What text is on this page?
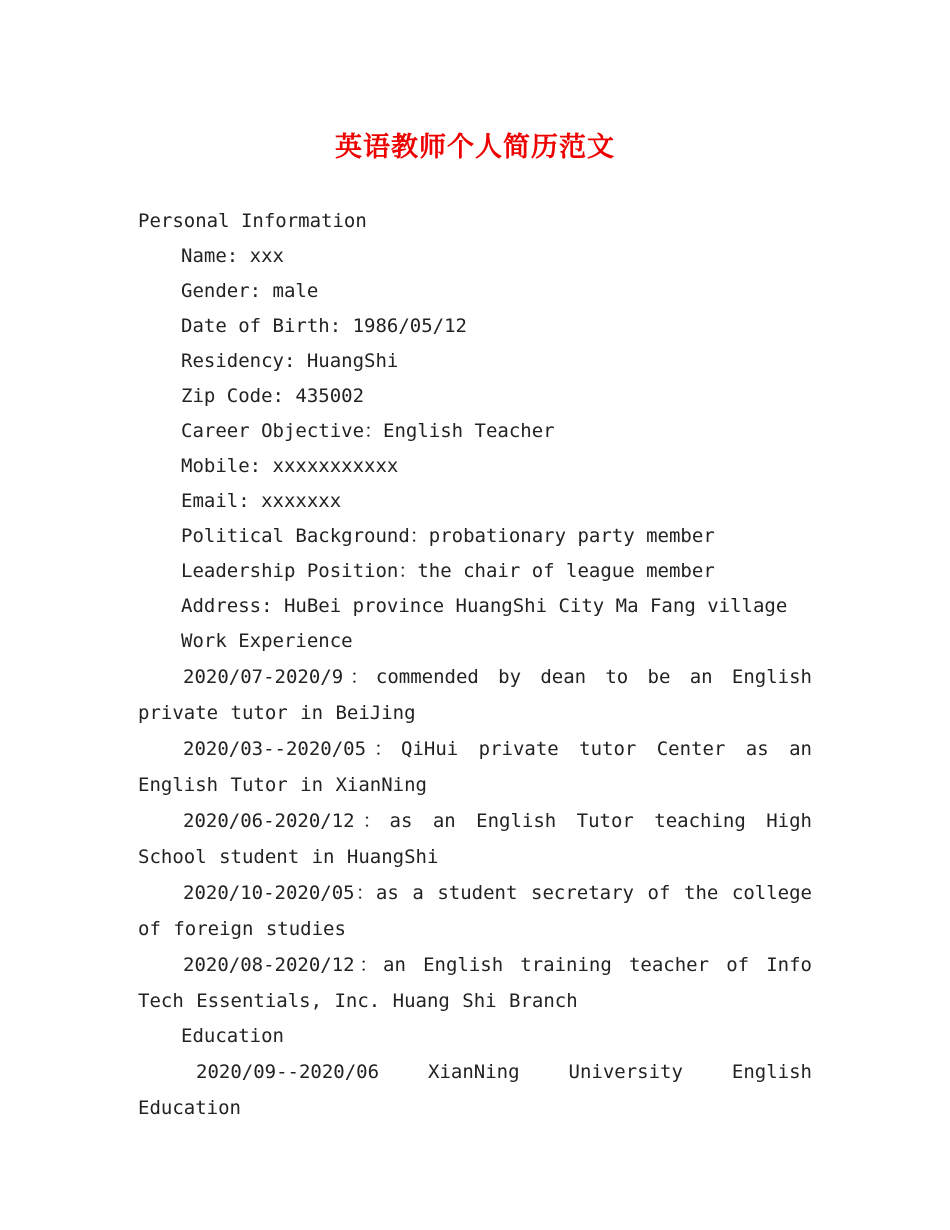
英语教师个人简历范文
Personal Information
Name: xxx
Gender: male
Date of Birth: 1986/05/12
Residency: HuangShi
Zip Code: 435002
Career Objective：English Teacher
Mobile: xxxxxxxxxxx
Email: xxxxxxx
Political Background：probationary party member
Leadership Position：the chair of league member
Address: HuBei province HuangShi City Ma Fang village
Work Experience
2020/07-2020/9：commended by dean to be an English private tutor in BeiJing
2020/03--2020/05：QiHui private tutor Center as an English Tutor in XianNing
2020/06-2020/12：as an English Tutor teaching High School student in HuangShi
2020/10-2020/05：as a student secretary of the college of foreign studies
2020/08-2020/12：an English training teacher of Info Tech Essentials, Inc. Huang Shi Branch
Education
2020/09--2020/06 XianNing University English Education
